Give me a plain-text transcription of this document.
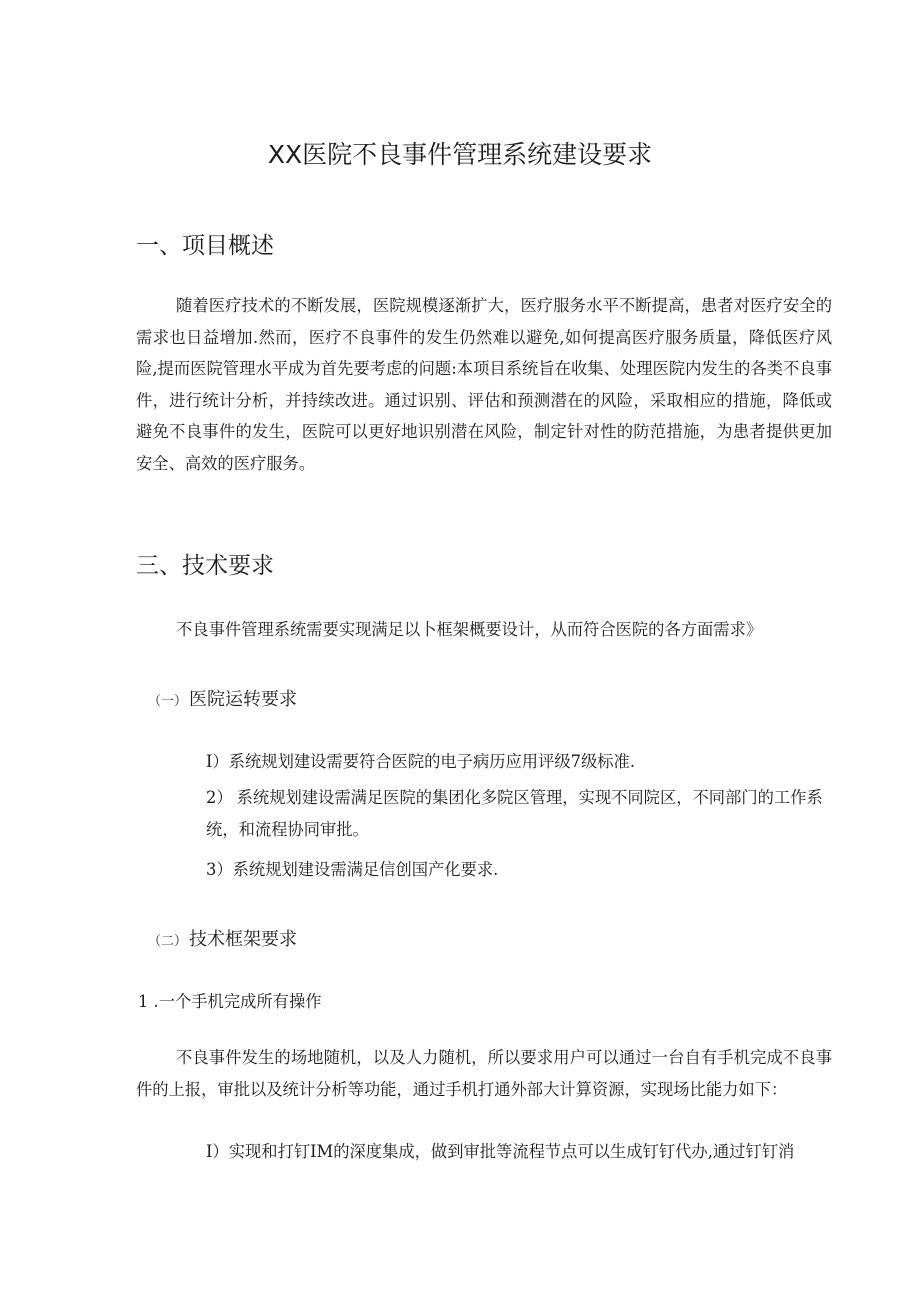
XX医院不良事件管理系统建设要求
一、项目概述

随着医疗技术的不断发展，医院规模逐渐扩大，医疗服务水平不断提高，患者对医疗安全的需求也日益增加.然而，医疗不良事件的发生仍然难以避免,如何提高医疗服务质量，降低医疗风险,提而医院管理水平成为首先要考虑的问题:本项目系统旨在收集、处理医院内发生的各类不良事件，进行统计分析，并持续改进。通过识别、评估和预测潜在的风险，采取相应的措施，降低或避免不良事件的发生，医院可以更好地识别潜在风险，制定针对性的防范措施，为患者提供更加安全、高效的医疗服务。

三、技术要求

不良事件管理系统需要实现满足以卜框架概要设计，从而符合医院的各方面需求》

（一） 医院运转要求

I）系统规划建设需要符合医院的电子病历应用评级7级标准.

2） 系统规划建设需满足医院的集团化多院区管理，实现不同院区，不同部门的工作系统，和流程协同审批。

3）系统规划建设需满足信创国产化要求.

（二） 技术框架要求

1 .一个手机完成所有操作

不良事件发生的场地随机，以及人力随机，所以要求用户可以通过一台自有手机完成不良事件的上报，审批以及统计分析等功能，通过手机打通外部大计算资源，实现场比能力如下：

I）实现和打钉IM的深度集成，做到审批等流程节点可以生成钉钉代办,通过钉钉消
